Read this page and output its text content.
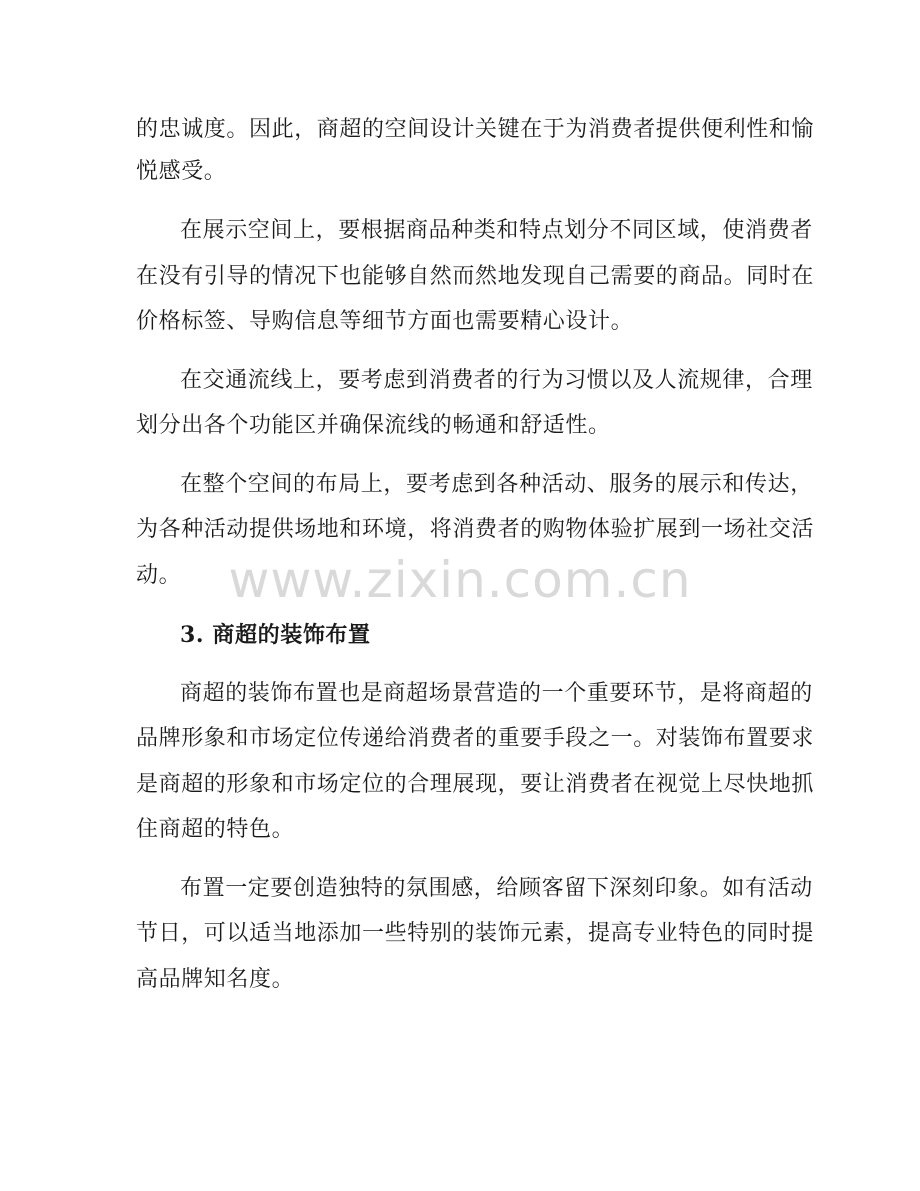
的忠诚度。因此，商超的空间设计关键在于为消费者提供便利性和愉
悦感受。
在展示空间上，要根据商品种类和特点划分不同区域，使消费者
在没有引导的情况下也能够自然而然地发现自己需要的商品。同时在
价格标签、导购信息等细节方面也需要精心设计。
在交通流线上，要考虑到消费者的行为习惯以及人流规律，合理
划分出各个功能区并确保流线的畅通和舒适性。
在整个空间的布局上，要考虑到各种活动、服务的展示和传达，
为各种活动提供场地和环境，将消费者的购物体验扩展到一场社交活
动。
3. 商超的装饰布置
商超的装饰布置也是商超场景营造的一个重要环节，是将商超的
品牌形象和市场定位传递给消费者的重要手段之一。对装饰布置要求
是商超的形象和市场定位的合理展现，要让消费者在视觉上尽快地抓
住商超的特色。
布置一定要创造独特的氛围感，给顾客留下深刻印象。如有活动
节日，可以适当地添加一些特别的装饰元素，提高专业特色的同时提
高品牌知名度。
www.zixin.com.cn
